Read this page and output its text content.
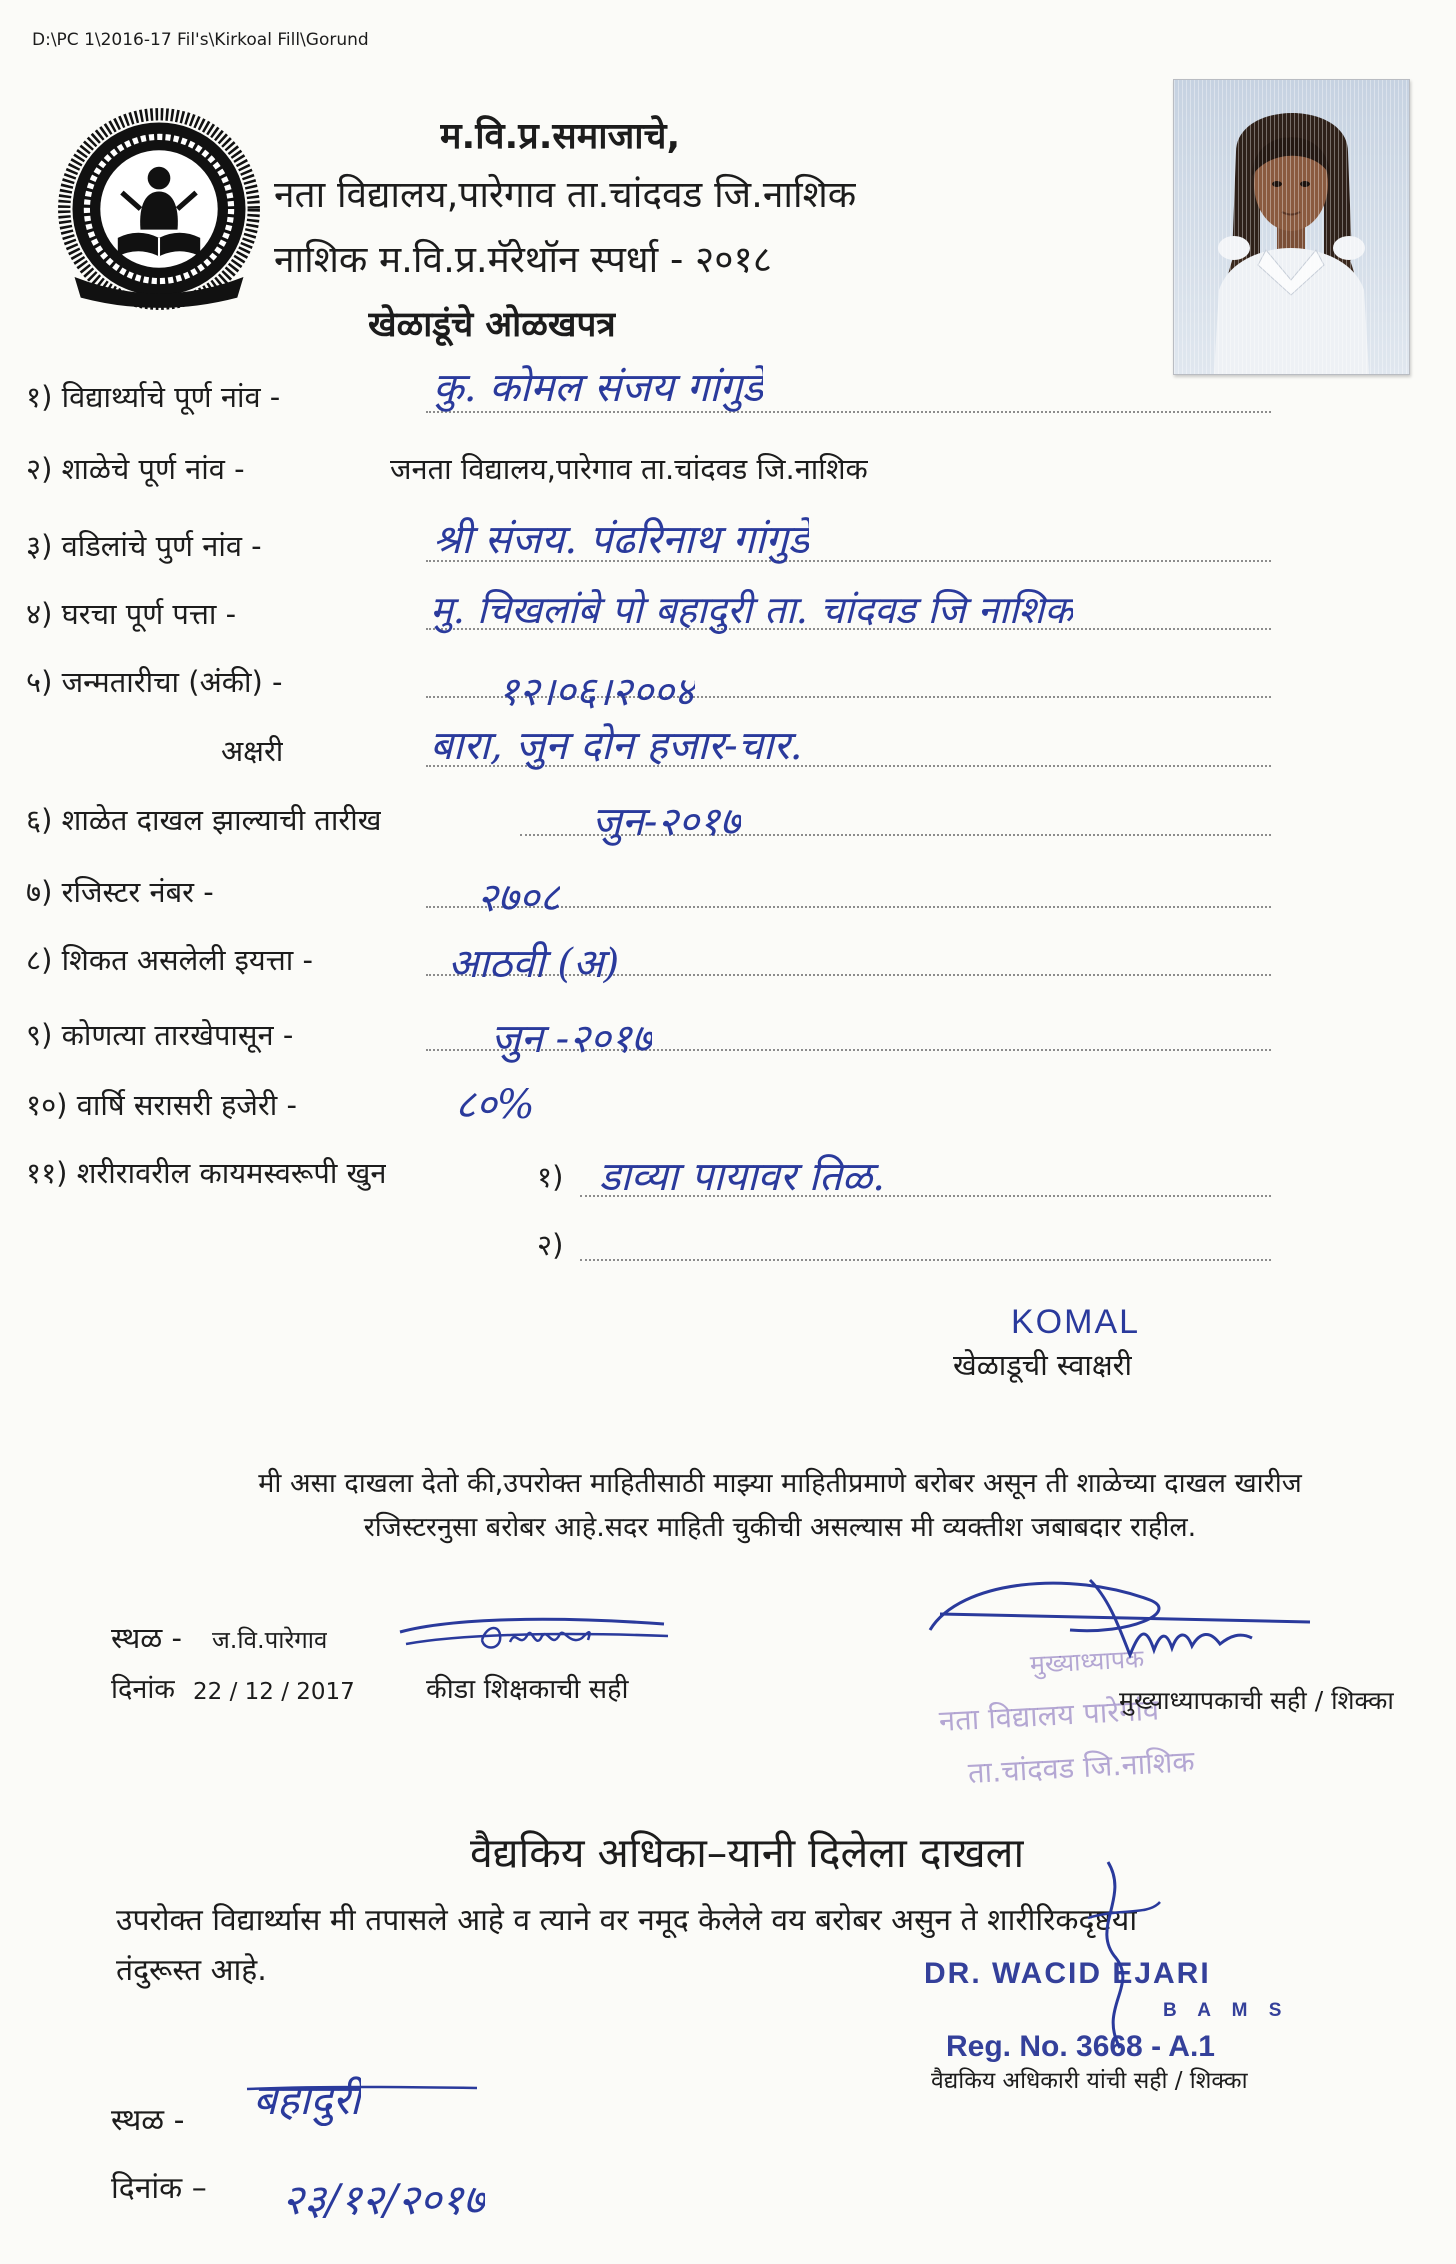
D:\PC 1\2016-17 Fil's\Kirkoal Fill\Gorund
म.वि.प्र.समाजाचे,
नता विद्यालय,पारेगाव ता.चांदवड जि.नाशिक
नाशिक म.वि.प्र.मॅरेथॉन स्पर्धा - २०१८
खेळाडूंचे ओळखपत्र
१) विद्यार्थ्याचे पूर्ण नांव -	कु. कोमल संजय गांगुर्डे
२) शाळेचे पूर्ण नांव -	जनता विद्यालय,पारेगाव ता.चांदवड जि.नाशिक
३) वडिलांचे पुर्ण नांव -	श्री संजय. पंढरिनाथ गांगुर्डे
४) घरचा पूर्ण पत्ता -	मु. चिखलांबे पो बहादुरी ता. चांदवड जि नाशिक
५) जन्मतारीचा (अंकी) -	१२।०६।२००४
अक्षरी	बारा, जुन दोन हजार-चार.
६) शाळेत दाखल झाल्याची तारीख	जुन-२०१७
७) रजिस्टर नंबर -	२७०८
८) शिकत असलेली इयत्ता -	आठवी (अ)
९) कोणत्या तारखेपासून -	जुन -२०१७
१०) वार्षि सरासरी हजेरी -	८०%
११) शरीरावरील कायमस्वरूपी खुन	१) डाव्या पायावर तिळ.
२)
KOMAL
खेळाडूची स्वाक्षरी
मी असा दाखला देतो की,उपरोक्त माहितीसाठी माझ्या माहितीप्रमाणे बरोबर असून ती शाळेच्या दाखल खारीज
रजिस्टरनुसा बरोबर आहे.सदर माहिती चुकीची असल्यास मी व्यक्तीश जबाबदार राहील.
स्थळ - ज.वि.पारेगाव
दिनांक 22 / 12 / 2017	कीडा शिक्षकाची सही
मुख्याध्यापक
नता विद्यालय पारेगांव
ता.चांदवड जि.नाशिक
मुख्याध्यापकाची सही / शिक्का
वैद्यकिय अधिका–यानी दिलेला दाखला
उपरोक्त विद्यार्थ्यास मी तपासले आहे व त्याने वर नमूद केलेले वय बरोबर असुन ते शारीरिकदृष्टया
तंदुरूस्त आहे.	DR. WACID EJARI
B A M S
Reg. No. 3668 - A.1
वैद्यकिय अधिकारी यांची सही / शिक्का
स्थळ - बहादुरी
दिनांक – २३/१२/२०१७
